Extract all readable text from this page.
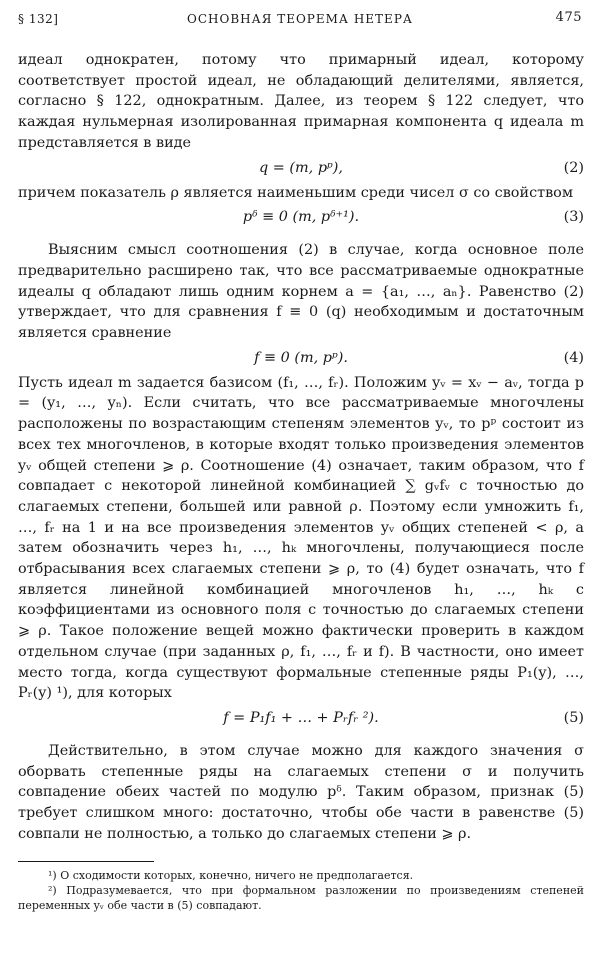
§ 132]	ОСНОВНАЯ ТЕОРЕМА НЕТЕРА	475

идеал однократен, потому что примарный идеал, которому соответствует простой идеал, не обладающий делителями, является, согласно § 122, однократным. Далее, из теорем § 122 следует, что каждая нульмерная изолированная примарная компонента q идеала m представляется в виде

q = (m, pᵖ),	(2)

причем показатель ρ является наименьшим среди чисел σ со свойством

pᵟ ≡ 0 (m, pᵟ⁺¹).	(3)

Выясним смысл соотношения (2) в случае, когда основное поле предварительно расширено так, что все рассматриваемые однократные идеалы q обладают лишь одним корнем a = {a₁, …, aₙ}. Равенство (2) утверждает, что для сравнения f ≡ 0 (q) необходимым и достаточным является сравнение

f ≡ 0 (m, pᵖ).	(4)

Пусть идеал m задается базисом (f₁, …, fᵣ). Положим yᵥ = xᵥ − aᵥ, тогда p = (y₁, …, yₙ). Если считать, что все рассматриваемые многочлены расположены по возрастающим степеням элементов yᵥ, то pᵖ состоит из всех тех многочленов, в которые входят только произведения элементов yᵥ общей степени ⩾ ρ. Соотношение (4) означает, таким образом, что f совпадает с некоторой линейной комбинацией ∑ gᵥfᵥ с точностью до слагаемых степени, большей или равной ρ. Поэтому если умножить f₁, …, fᵣ на 1 и на все произведения элементов yᵥ общих степеней < ρ, а затем обозначить через h₁, …, hₖ многочлены, получающиеся после отбрасывания всех слагаемых степени ⩾ ρ, то (4) будет означать, что f является линейной комбинацией многочленов h₁, …, hₖ с коэффициентами из основного поля с точностью до слагаемых степени ⩾ ρ. Такое положение вещей можно фактически проверить в каждом отдельном случае (при заданных ρ, f₁, …, fᵣ и f). В частности, оно имеет место тогда, когда существуют формальные степенные ряды P₁(y), …, Pᵣ(y) ¹), для которых

f = P₁f₁ + … + Pᵣfᵣ ²).	(5)

Действительно, в этом случае можно для каждого значения σ оборвать степенные ряды на слагаемых степени σ и получить совпадение обеих частей по модулю pᵟ. Таким образом, признак (5) требует слишком много: достаточно, чтобы обе части в равенстве (5) совпали не полностью, а только до слагаемых степени ⩾ ρ.

¹) О сходимости которых, конечно, ничего не предполагается.

²) Подразумевается, что при формальном разложении по произведениям степеней переменных yᵥ обе части в (5) совпадают.
